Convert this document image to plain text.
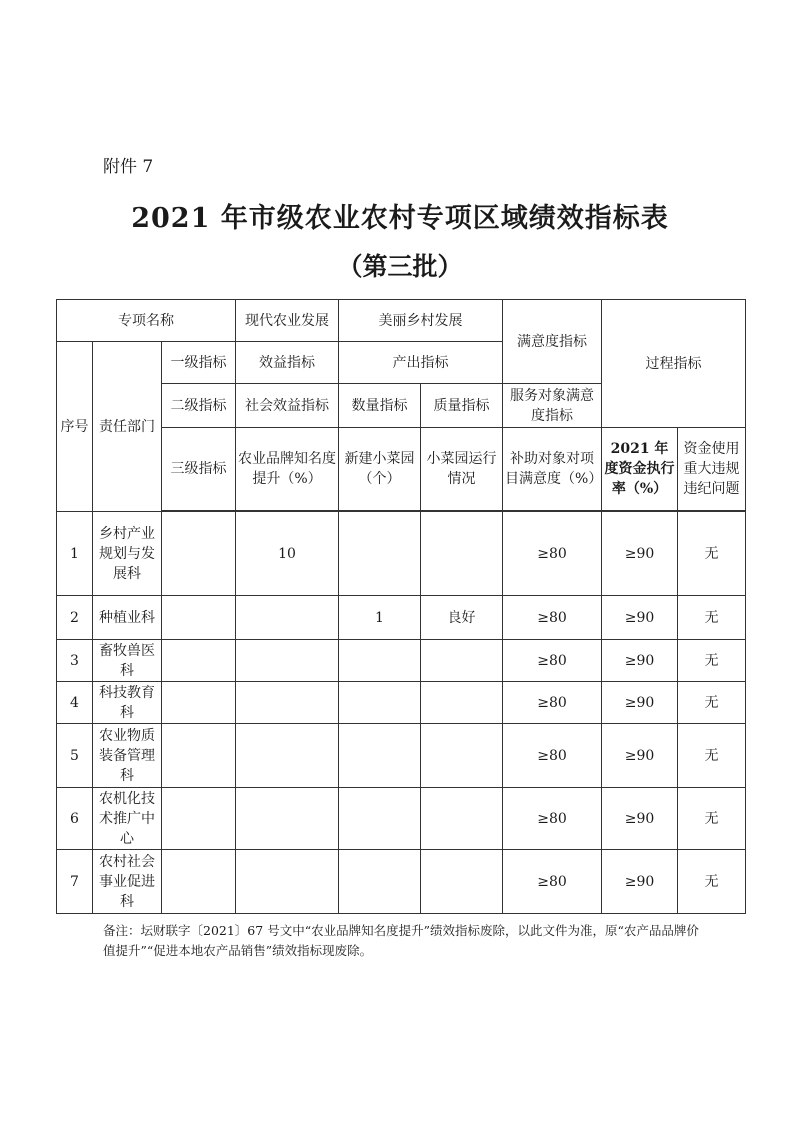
附件 7
2021 年市级农业农村专项区域绩效指标表
（第三批）
专项名称			现代农业发展	美丽乡村发展		满意度指标	过程指标	
序号	责任部门	一级指标	效益指标	产出指标				
		二级指标	社会效益指标	数量指标	质量指标	服务对象满意度指标		
		三级指标	农业品牌知名度提升（%）	新建小菜园（个）	小菜园运行情况	补助对象对项目满意度（%）	2021 年度资金执行率（%）	资金使用重大违规违纪问题

1	乡村产业规划与发展科		10			≥80	≥90	无
2	种植业科			1	良好	≥80	≥90	无
3	畜牧兽医科					≥80	≥90	无
4	科技教育科					≥80	≥90	无
5	农业物质装备管理科					≥80	≥90	无
6	农机化技术推广中心					≥80	≥90	无
7	农村社会事业促进科					≥80	≥90	无
备注：坛财联字〔2021〕67 号文中“农业品牌知名度提升”绩效指标废除，以此文件为准，原“农产品品牌价值提升”“促进本地农产品销售”绩效指标现废除。
